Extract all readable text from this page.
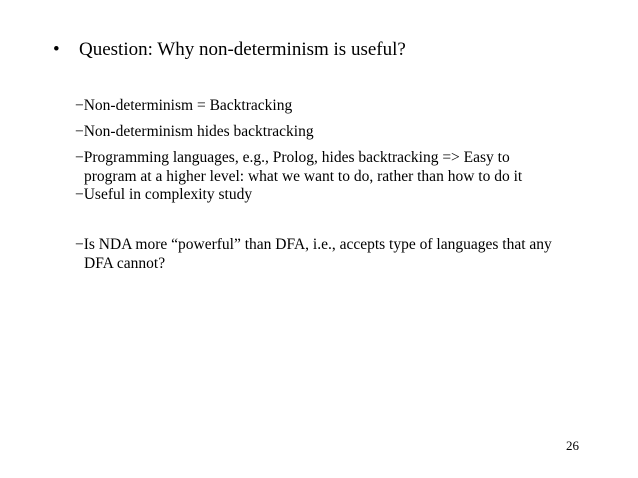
• Question: Why non-determinism is useful?
−Non-determinism = Backtracking
−Non-determinism hides backtracking
−Programming languages, e.g., Prolog, hides backtracking => Easy to
program at a higher level: what we want to do, rather than how to do it
−Useful in complexity study
−Is NDA more “powerful” than DFA, i.e., accepts type of languages that any
DFA cannot?
26
